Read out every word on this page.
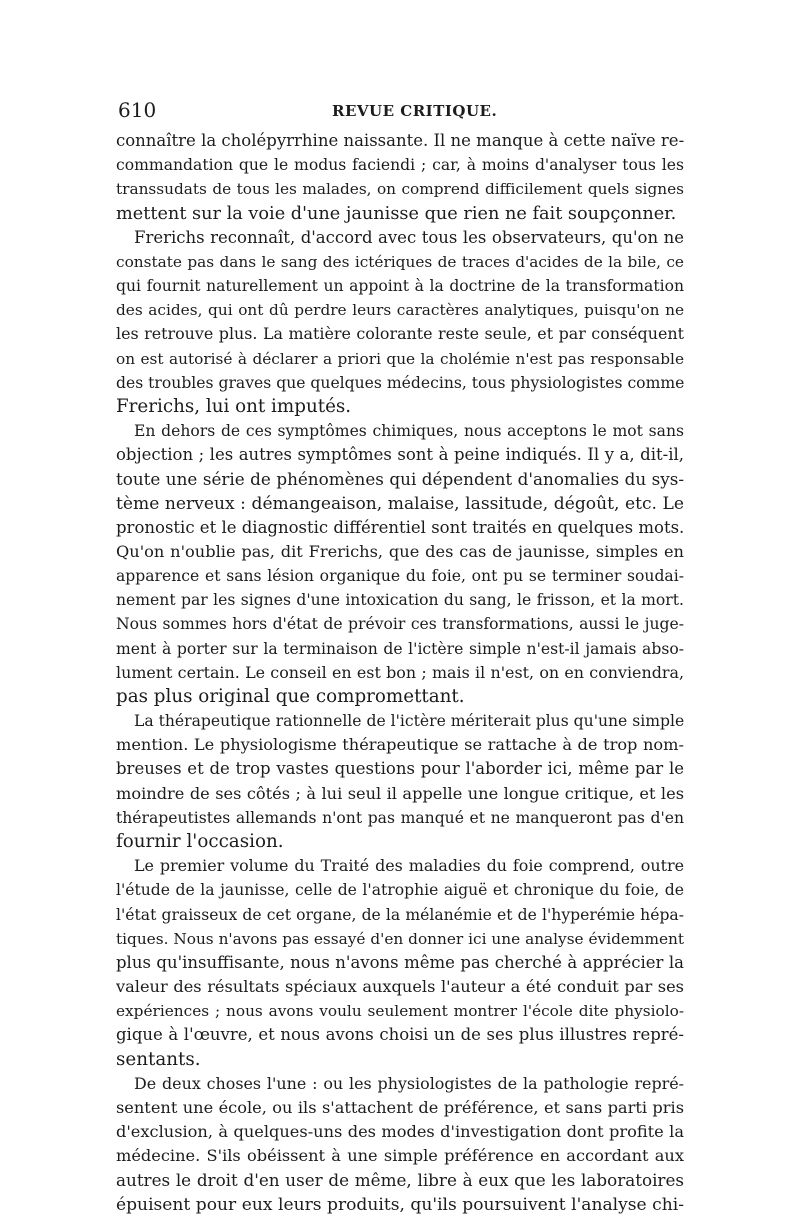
610	REVUE CRITIQUE.
connaître la cholépyrrhine naissante. Il ne manque à cette naïve re-
commandation que le modus faciendi ; car, à moins d'analyser tous les
transsudats de tous les malades, on comprend difficilement quels signes
mettent sur la voie d'une jaunisse que rien ne fait soupçonner.
Frerichs reconnaît, d'accord avec tous les observateurs, qu'on ne
constate pas dans le sang des ictériques de traces d'acides de la bile, ce
qui fournit naturellement un appoint à la doctrine de la transformation
des acides, qui ont dû perdre leurs caractères analytiques, puisqu'on ne
les retrouve plus. La matière colorante reste seule, et par conséquent
on est autorisé à déclarer a priori que la cholémie n'est pas responsable
des troubles graves que quelques médecins, tous physiologistes comme
Frerichs, lui ont imputés.
En dehors de ces symptômes chimiques, nous acceptons le mot sans
objection ; les autres symptômes sont à peine indiqués. Il y a, dit-il,
toute une série de phénomènes qui dépendent d'anomalies du sys-
tème nerveux : démangeaison, malaise, lassitude, dégoût, etc. Le
pronostic et le diagnostic différentiel sont traités en quelques mots.
Qu'on n'oublie pas, dit Frerichs, que des cas de jaunisse, simples en
apparence et sans lésion organique du foie, ont pu se terminer soudai-
nement par les signes d'une intoxication du sang, le frisson, et la mort.
Nous sommes hors d'état de prévoir ces transformations, aussi le juge-
ment à porter sur la terminaison de l'ictère simple n'est-il jamais abso-
lument certain. Le conseil en est bon ; mais il n'est, on en conviendra,
pas plus original que compromettant.
La thérapeutique rationnelle de l'ictère mériterait plus qu'une simple
mention. Le physiologisme thérapeutique se rattache à de trop nom-
breuses et de trop vastes questions pour l'aborder ici, même par le
moindre de ses côtés ; à lui seul il appelle une longue critique, et les
thérapeutistes allemands n'ont pas manqué et ne manqueront pas d'en
fournir l'occasion.
Le premier volume du Traité des maladies du foie comprend, outre
l'étude de la jaunisse, celle de l'atrophie aiguë et chronique du foie, de
l'état graisseux de cet organe, de la mélanémie et de l'hyperémie hépa-
tiques. Nous n'avons pas essayé d'en donner ici une analyse évidemment
plus qu'insuffisante, nous n'avons même pas cherché à apprécier la
valeur des résultats spéciaux auxquels l'auteur a été conduit par ses
expériences ; nous avons voulu seulement montrer l'école dite physiolo-
gique à l'œuvre, et nous avons choisi un de ses plus illustres repré-
sentants.
De deux choses l'une : ou les physiologistes de la pathologie repré-
sentent une école, ou ils s'attachent de préférence, et sans parti pris
d'exclusion, à quelques-uns des modes d'investigation dont profite la
médecine. S'ils obéissent à une simple préférence en accordant aux
autres le droit d'en user de même, libre à eux que les laboratoires
épuisent pour eux leurs produits, qu'ils poursuivent l'analyse chi-
